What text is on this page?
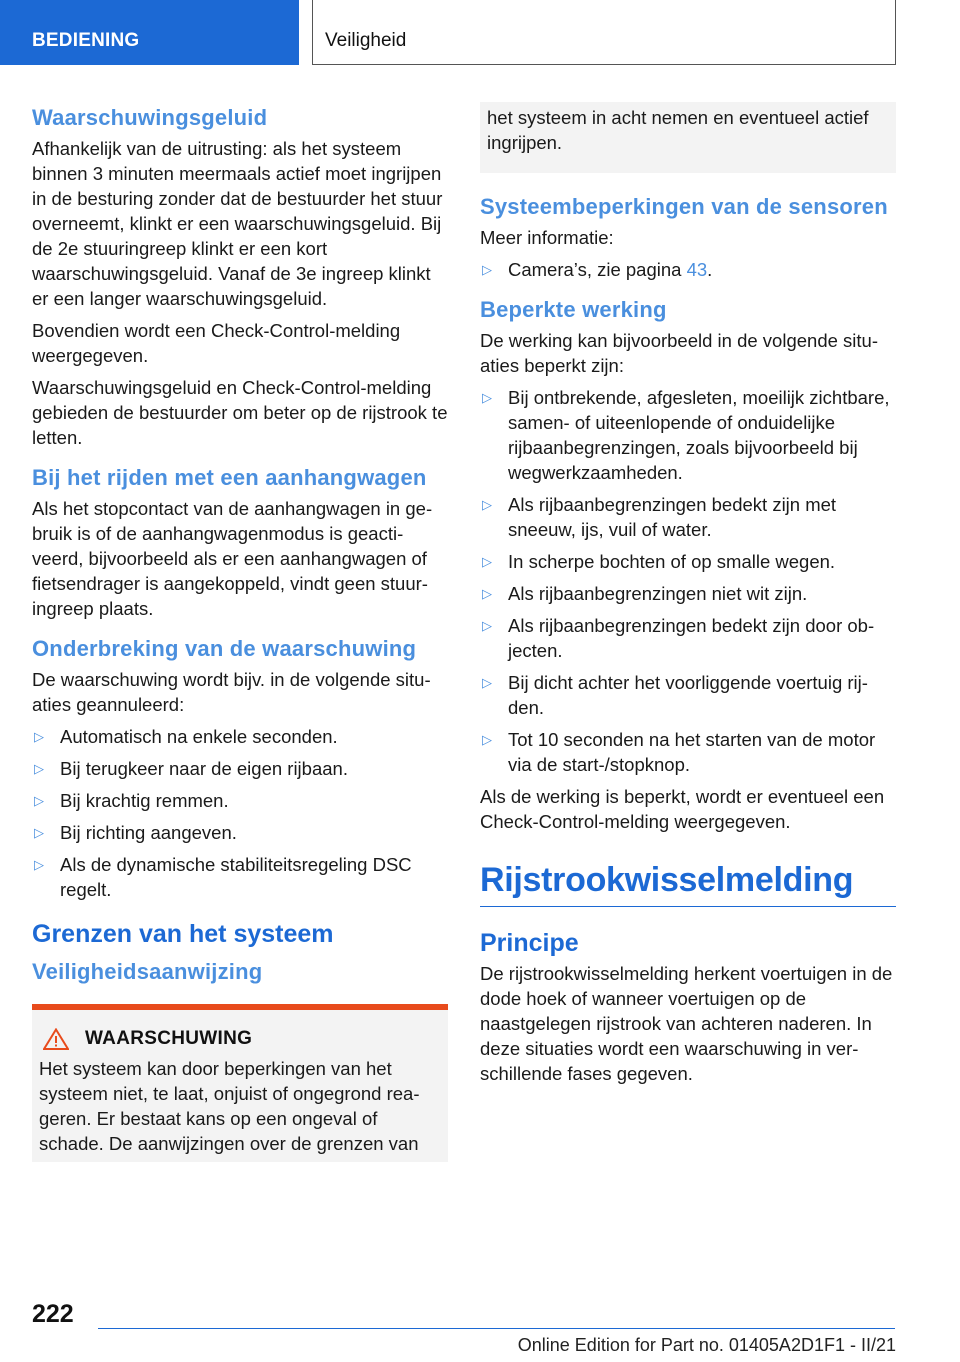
BEDIENING	Veiligheid
Waarschuwingsgeluid

Afhankelijk van de uitrusting: als het systeem binnen 3 minuten meermaals actief moet ingrijpen in de besturing zonder dat de bestuurder het stuur overneemt, klinkt er een waarschuwingsgeluid. Bij de 2e stuuringreep klinkt er een kort waarschuwingsgeluid. Vanaf de 3e ingreep klinkt er een langer waarschuwingsgeluid.

Bovendien wordt een Check-Control-melding weergegeven.

Waarschuwingsgeluid en Check-Control-melding gebieden de bestuurder om beter op de rijstrook te letten.

Bij het rijden met een aanhangwagen

Als het stopcontact van de aanhangwagen in gebruik is of de aanhangwagenmodus is geactiveerd, bijvoorbeeld als er een aanhangwagen of fietsendrager is aangekoppeld, vindt geen stuuringreep plaats.

Onderbreking van de waarschuwing

De waarschuwing wordt bijv. in de volgende situaties geannuleerd:

▷ Automatisch na enkele seconden.
▷ Bij terugkeer naar de eigen rijbaan.
▷ Bij krachtig remmen.
▷ Bij richting aangeven.
▷ Als de dynamische stabiliteitsregeling DSC regelt.
Grenzen van het systeem
Veiligheidsaanwijzing
WAARSCHUWING

Het systeem kan door beperkingen van het systeem niet, te laat, onjuist of ongegrond reageren. Er bestaat kans op een ongeval of schade. De aanwijzingen over de grenzen van

het systeem in acht nemen en eventueel actief ingrijpen.

Systeembeperkingen van de sensoren

Meer informatie:

▷ Camera’s, zie pagina 43.
Beperkte werking

De werking kan bijvoorbeeld in de volgende situaties beperkt zijn:

▷ Bij ontbrekende, afgesleten, moeilijk zichtbare, samen- of uiteenlopende of onduidelijke rijbaanbegrenzingen, zoals bijvoorbeeld bij wegwerkzaamheden.
▷ Als rijbaanbegrenzingen bedekt zijn met sneeuw, ijs, vuil of water.
▷ In scherpe bochten of op smalle wegen.
▷ Als rijbaanbegrenzingen niet wit zijn.
▷ Als rijbaanbegrenzingen bedekt zijn door objecten.
▷ Bij dicht achter het voorliggende voertuig rijden.
▷ Tot 10 seconden na het starten van de motor via de start-/stopknop.

Als de werking is beperkt, wordt er eventueel een Check-Control-melding weergegeven.

Rijstrookwisselmelding
Principe

De rijstrookwisselmelding herkent voertuigen in de dode hoek of wanneer voertuigen op de naastgelegen rijstrook van achteren naderen. In deze situaties wordt een waarschuwing in verschillende fases gegeven.

222
Online Edition for Part no. 01405A2D1F1 - II/21
